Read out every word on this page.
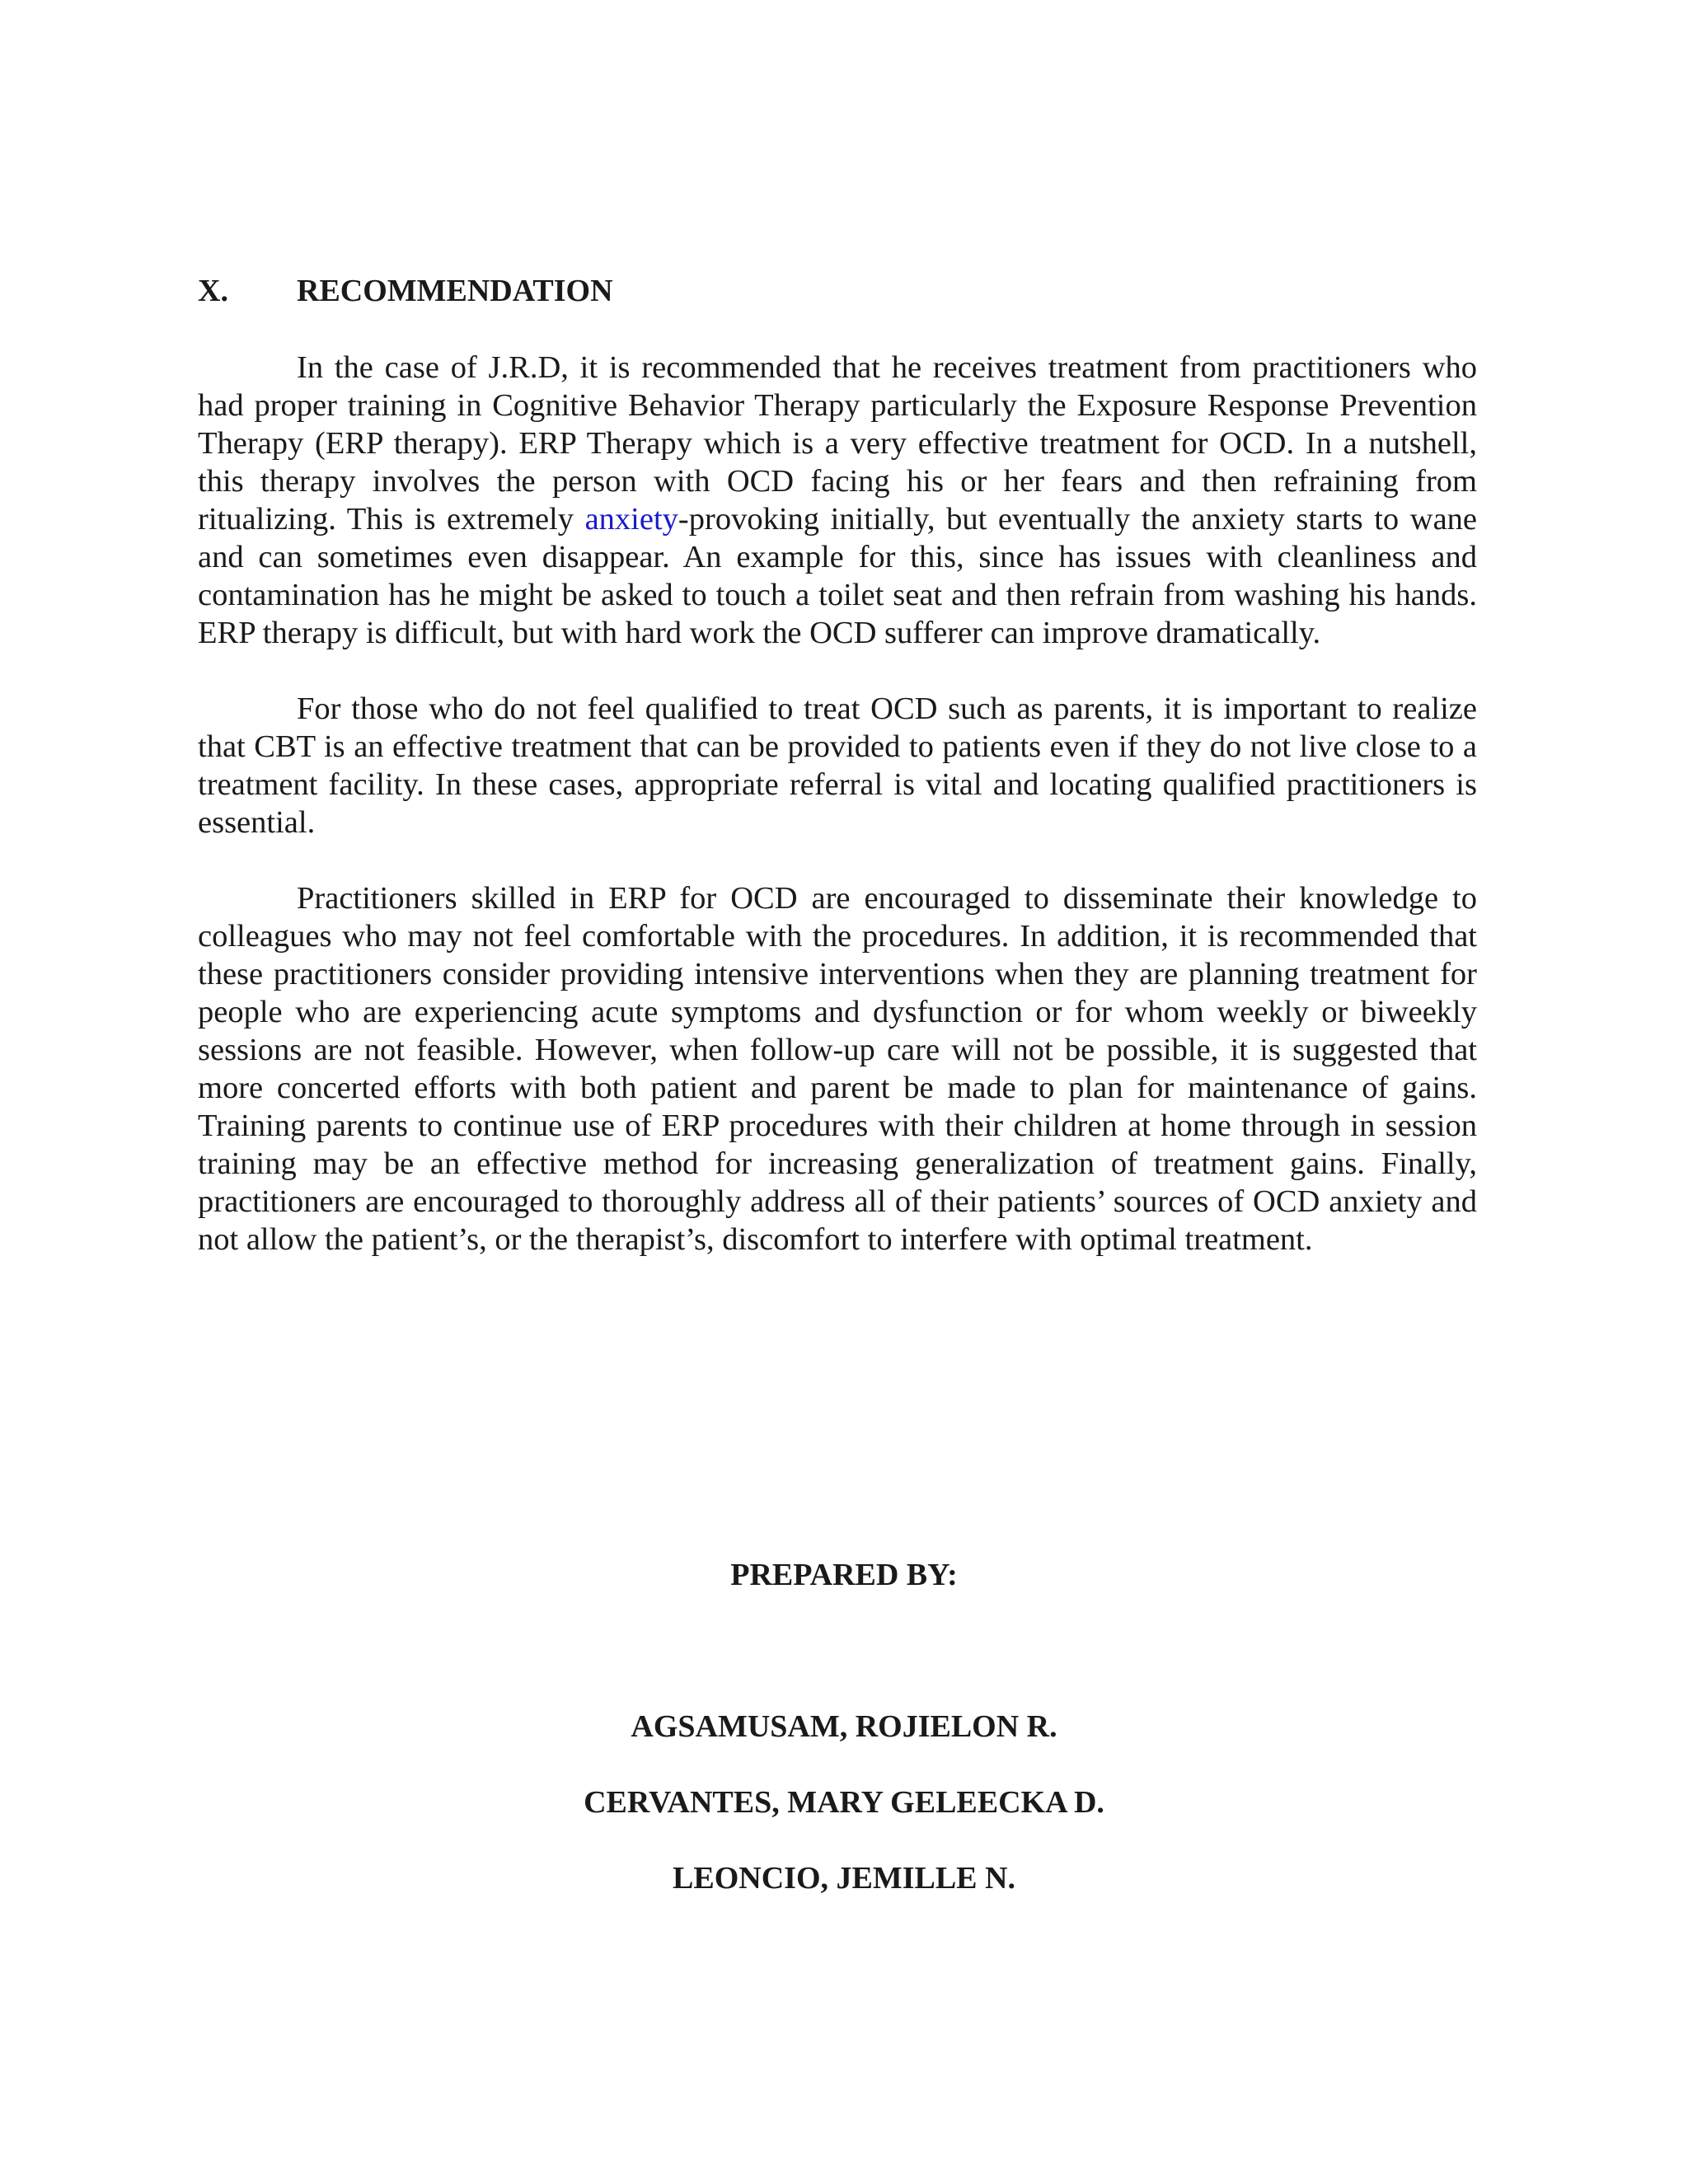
X. RECOMMENDATION

In the case of J.R.D, it is recommended that he receives treatment from practitioners who had proper training in Cognitive Behavior Therapy particularly the Exposure Response Prevention Therapy (ERP therapy). ERP Therapy which is a very effective treatment for OCD. In a nutshell, this therapy involves the person with OCD facing his or her fears and then refraining from ritualizing. This is extremely anxiety-provoking initially, but eventually the anxiety starts to wane and can sometimes even disappear. An example for this, since has issues with cleanliness and contamination has he might be asked to touch a toilet seat and then refrain from washing his hands. ERP therapy is difficult, but with hard work the OCD sufferer can improve dramatically.

For those who do not feel qualified to treat OCD such as parents, it is important to realize that CBT is an effective treatment that can be provided to patients even if they do not live close to a treatment facility. In these cases, appropriate referral is vital and locating qualified practitioners is essential.

Practitioners skilled in ERP for OCD are encouraged to disseminate their knowledge to colleagues who may not feel comfortable with the procedures. In addition, it is recommended that these practitioners consider providing intensive interventions when they are planning treatment for people who are experiencing acute symptoms and dysfunction or for whom weekly or biweekly sessions are not feasible. However, when follow-up care will not be possible, it is suggested that more concerted efforts with both patient and parent be made to plan for maintenance of gains. Training parents to continue use of ERP procedures with their children at home through in session training may be an effective method for increasing generalization of treatment gains. Finally, practitioners are encouraged to thoroughly address all of their patients’ sources of OCD anxiety and not allow the patient’s, or the therapist’s, discomfort to interfere with optimal treatment.

PREPARED BY:
AGSAMUSAM, ROJIELON R.
CERVANTES, MARY GELEECKA D.
LEONCIO, JEMILLE N.
